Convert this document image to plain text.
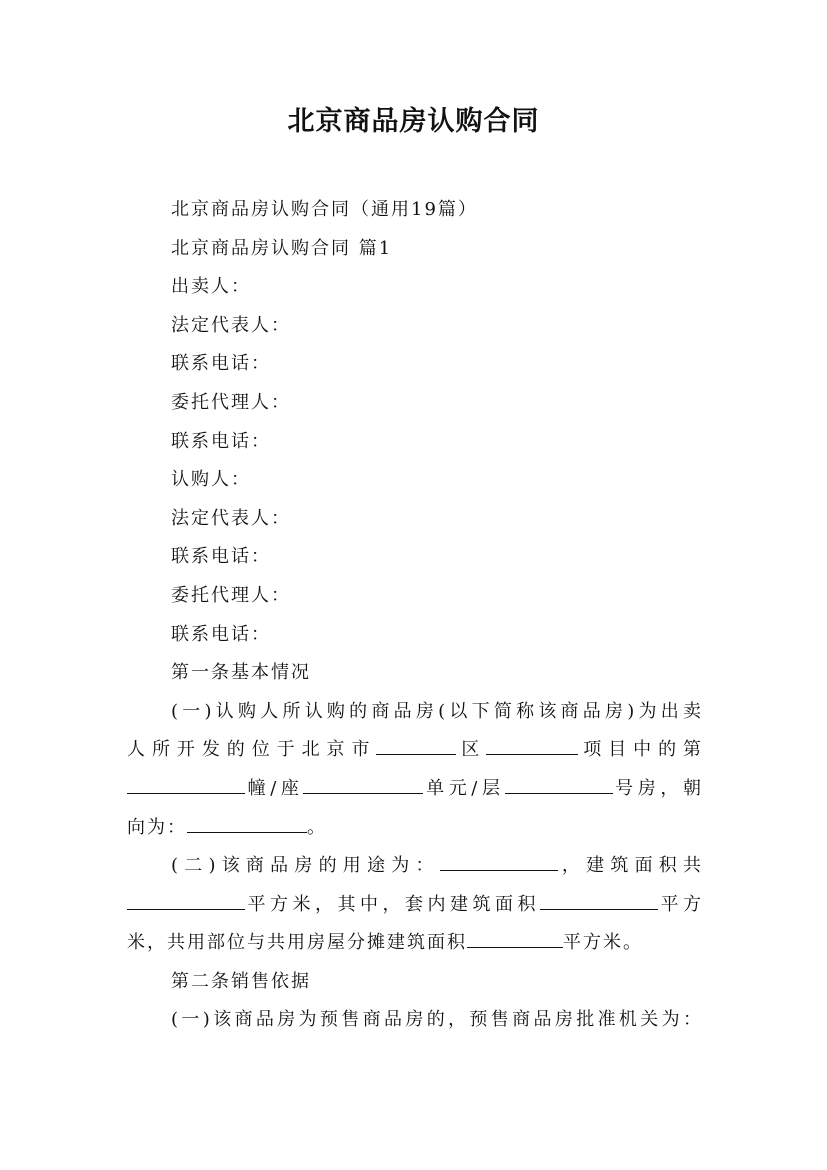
北京商品房认购合同
北京商品房认购合同（通用19篇）
北京商品房认购合同 篇1
出卖人：
法定代表人：
联系电话：
委托代理人：
联系电话：
认购人：
法定代表人：
联系电话：
委托代理人：
联系电话：
第一条基本情况
(一)认购人所认购的商品房(以下简称该商品房)为出卖
人所开发的位于北京市	区	项目中的第
幢/座	单元/层	号房，朝
向为：	。
(二)该商品房的用途为：	，建筑面积共
平方米，其中，套内建筑面积	平方
米，共用部位与共用房屋分摊建筑面积	平方米。
第二条销售依据
(一)该商品房为预售商品房的，预售商品房批准机关为：
